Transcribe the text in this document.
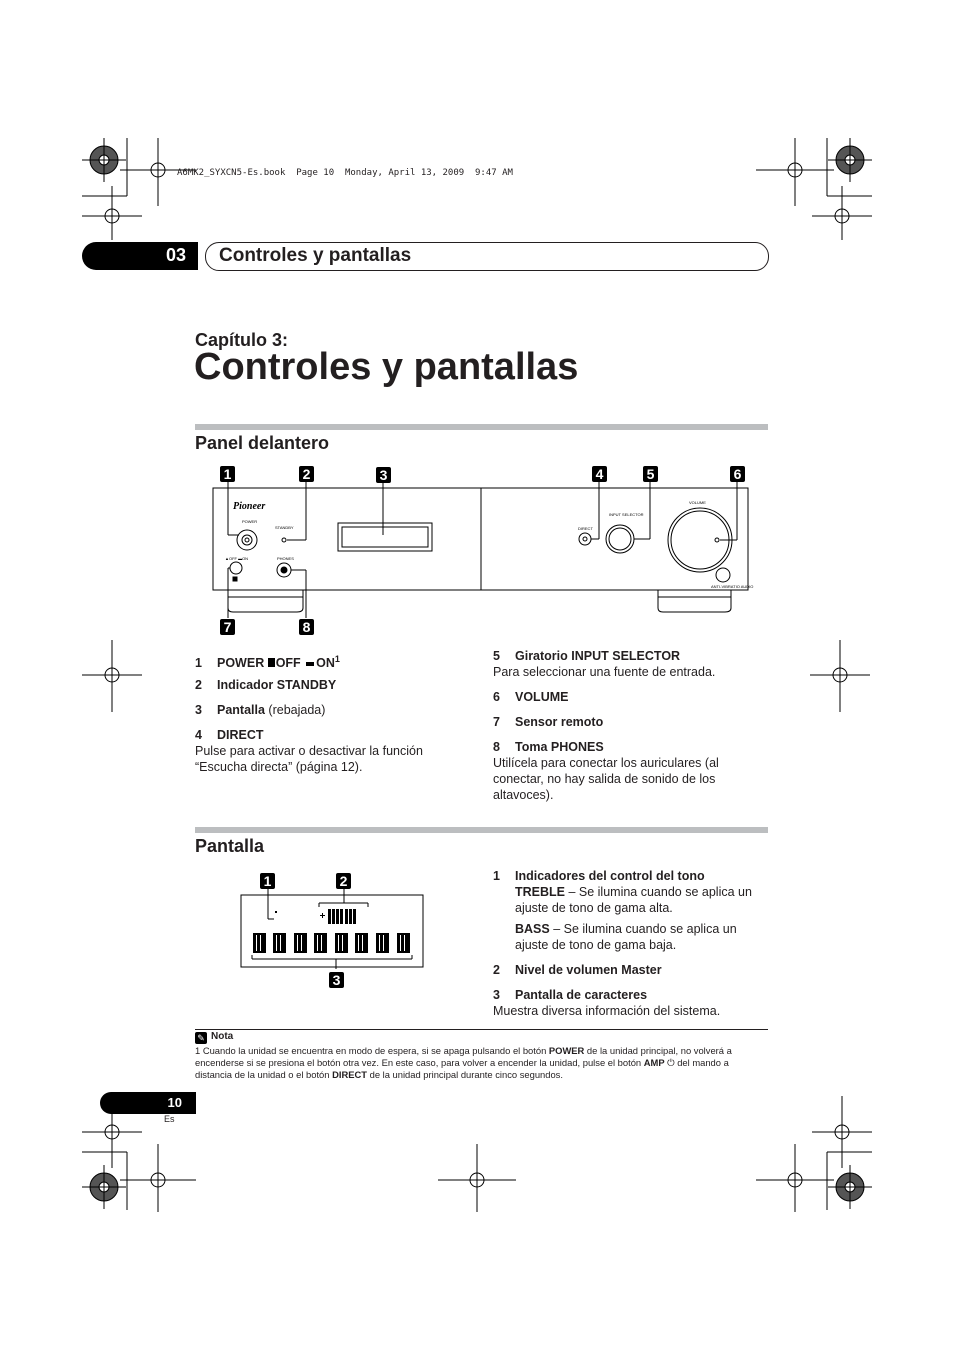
A6MK2_SYXCN5-Es.book  Page 10  Monday, April 13, 2009  9:47 AM
03 Controles y pantallas
Capítulo 3:
Controles y pantallas
Panel delantero
1	2	3	4	5	6
7	8
Pioneer
POWER
STANDBY
▲OFF ▬ON	PHONES
DIRECT
INPUT SELECTOR
VOLUME
ANTI-VIBRATIO AUDIO
1 POWER OFF $ON^1$
2 Indicador STANDBY
3 Pantalla (rebajada)
4 DIRECT
Pulse para activar o desactivar la función “Escucha directa” (página 12).
5 Giratorio INPUT SELECTOR
Para seleccionar una fuente de entrada.
6 VOLUME
7 Sensor remoto
8 Toma PHONES
Utilícela para conectar los auriculares (al conectar, no hay salida de sonido de los altavoces).
Pantalla
1	2
3
1 Indicadores del control del tono
TREBLE – Se ilumina cuando se aplica un ajuste de tono de gama alta.
BASS – Se ilumina cuando se aplica un ajuste de tono de gama baja.
2 Nivel de volumen Master
3 Pantalla de caracteres
Muestra diversa información del sistema.
✎ Nota
1 Cuando la unidad se encuentra en modo de espera, si se apaga pulsando el botón POWER de la unidad principal, no volverá a encenderse si se presiona el botón otra vez. En este caso, para volver a encender la unidad, pulse el botón AMP ⏻ del mando a distancia de la unidad o el botón DIRECT de la unidad principal durante cinco segundos.
10
Es
